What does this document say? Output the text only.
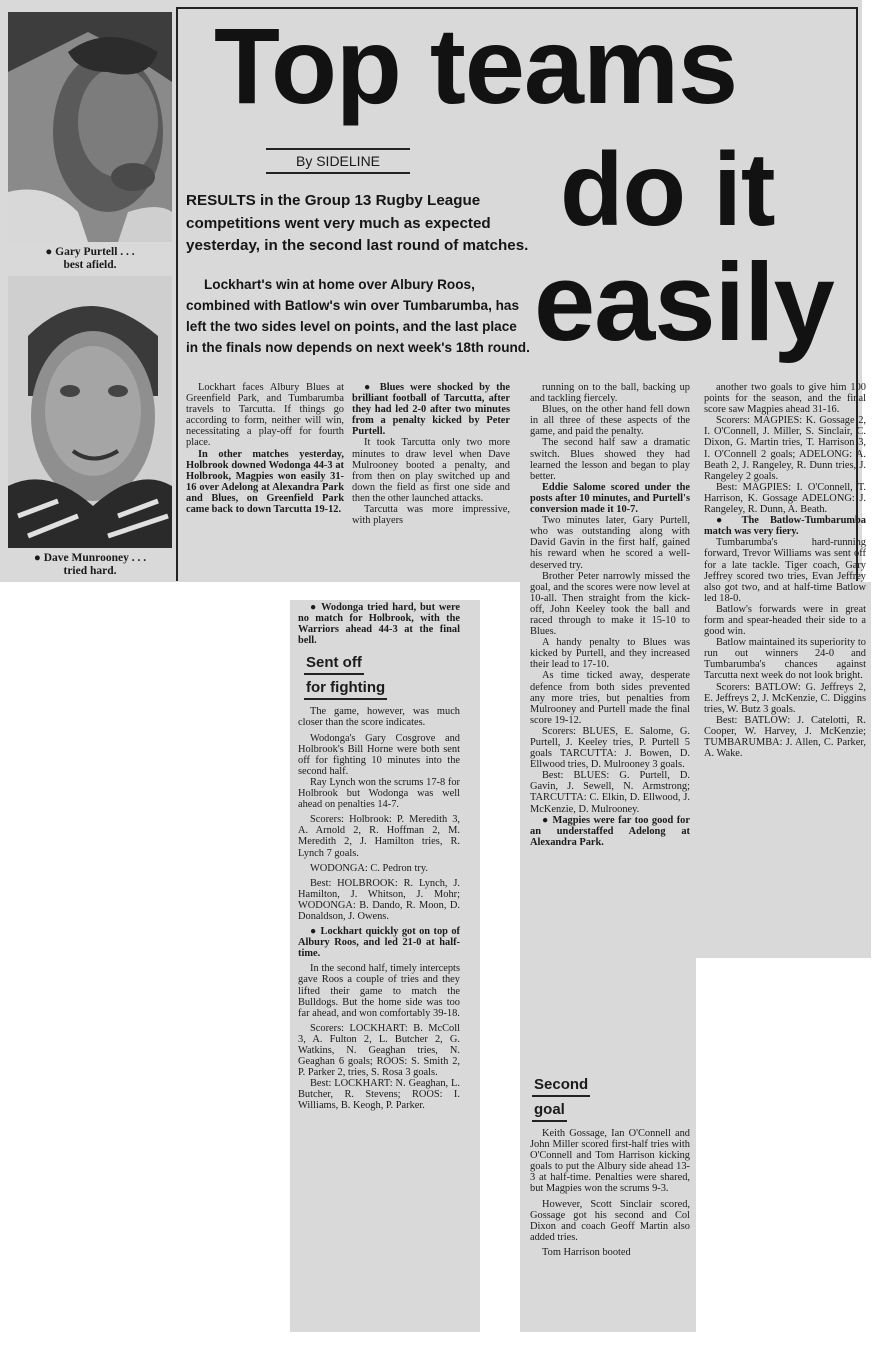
● Gary Purtell . . .
best afield.
● Dave Munrooney . . .
tried hard.
Top teams
do it
easily
By SIDELINE
RESULTS in the Group 13 Rugby League competitions went very much as expected yesterday, in the second last round of matches.
Lockhart's win at home over Albury Roos, combined with Batlow's win over Tumbarumba, has left the two sides level on points, and the last place in the finals now depends on next week's 18th round.

Lockhart faces Albury Blues at Greenfield Park, and Tumbarumba travels to Tarcutta. If things go according to form, neither will win, necessitating a play-off for fourth place.

In other matches yesterday, Holbrook downed Wodonga 44-3 at Holbrook, Magpies won easily 31-16 over Adelong at Alexandra Park and Blues, on Greenfield Park came back to down Tarcutta 19-12.

● Blues were shocked by the brilliant football of Tarcutta, after they had led 2-0 after two minutes from a penalty kicked by Peter Purtell.

It took Tarcutta only two more minutes to draw level when Dave Mulrooney booted a penalty, and from then on play switched up and down the field as first one side and then the other launched attacks.

Tarcutta was more impressive, with players

running on to the ball, backing up and tackling fiercely.

Blues, on the other hand fell down in all three of these aspects of the game, and paid the penalty.

The second half saw a dramatic switch. Blues showed they had learned the lesson and began to play better.

Eddie Salome scored under the posts after 10 minutes, and Purtell's conversion made it 10-7.

Two minutes later, Gary Purtell, who was outstanding along with David Gavin in the first half, gained his reward when he scored a well-deserved try.

Brother Peter narrowly missed the goal, and the scores were now level at 10-all. Then straight from the kick-off, John Keeley took the ball and raced through to make it 15-10 to Blues.

A handy penalty to Blues was kicked by Purtell, and they increased their lead to 17-10.

As time ticked away, desperate defence from both sides prevented any more tries, but penalties from Mulrooney and Purtell made the final score 19-12.

Scorers: BLUES, E. Salome, G. Purtell, J. Keeley tries, P. Purtell 5 goals TARCUTTA: J. Bowen, D. Ellwood tries, D. Mulrooney 3 goals.

Best: BLUES: G. Purtell, D. Gavin, J. Sewell, N. Armstrong; TARCUTTA: C. Elkin, D. Ellwood, J. McKenzie, D. Mulrooney.

● Magpies were far too good for an understaffed Adelong at Alexandra Park.

another two goals to give him 100 points for the season, and the final score saw Magpies ahead 31-16.

Scorers: MAGPIES: K. Gossage 2, I. O'Connell, J. Miller, S. Sinclair, C. Dixon, G. Martin tries, T. Harrison 3, I. O'Connell 2 goals; ADELONG: A. Beath 2, J. Rangeley, R. Dunn tries, J. Rangeley 2 goals.

Best: MAGPIES: I. O'Connell, T. Harrison, K. Gossage ADELONG: J. Rangeley, R. Dunn, A. Beath.

● The Batlow-Tumbarumba match was very fiery.

Tumbarumba's hard-running forward, Trevor Williams was sent off for a late tackle. Tiger coach, Gary Jeffrey scored two tries, Evan Jeffrey also got two, and at half-time Batlow led 18-0.

Batlow's forwards were in great form and spear-headed their side to a good win.

Batlow maintained its superiority to run out winners 24-0 and Tumbarumba's chances against Tarcutta next week do not look bright.

Scorers: BATLOW: G. Jeffreys 2, E. Jeffreys 2, J. McKenzie, C. Diggins tries, W. Butz 3 goals.

Best: BATLOW: J. Catelotti, R. Cooper, W. Harvey, J. McKenzie; TUMBARUMBA: J. Allen, C. Parker, A. Wake.

● Wodonga tried hard, but were no match for Holbrook, with the Warriors ahead 44-3 at the final bell.

Sent off
for fighting

The game, however, was much closer than the score indicates.

Wodonga's Gary Cosgrove and Holbrook's Bill Horne were both sent off for fighting 10 minutes into the second half.

Ray Lynch won the scrums 17-8 for Holbrook but Wodonga was well ahead on penalties 14-7.

Scorers: Holbrook: P. Meredith 3, A. Arnold 2, R. Hoffman 2, M. Meredith 2, J. Hamilton tries, R. Lynch 7 goals.

WODONGA: C. Pedron try.

Best: HOLBROOK: R. Lynch, J. Hamilton, J. Whitson, J. Mohr; WODONGA: B. Dando, R. Moon, D. Donaldson, J. Owens.

● Lockhart quickly got on top of Albury Roos, and led 21-0 at half-time.

In the second half, timely intercepts gave Roos a couple of tries and they lifted their game to match the Bulldogs. But the home side was too far ahead, and won comfortably 39-18.

Scorers: LOCKHART: B. McColl 3, A. Fulton 2, L. Butcher 2, G. Watkins, N. Geaghan tries, N. Geaghan 6 goals; ROOS: S. Smith 2, P. Parker 2, tries, S. Rosa 3 goals.

Best: LOCKHART: N. Geaghan, L. Butcher, R. Stevens; ROOS: I. Williams, B. Keogh, P. Parker.

Second
goal

Keith Gossage, Ian O'Connell and John Miller scored first-half tries with O'Connell and Tom Harrison kicking goals to put the Albury side ahead 13-3 at half-time. Penalties were shared, but Magpies won the scrums 9-3.

However, Scott Sinclair scored, Gossage got his second and Col Dixon and coach Geoff Martin also added tries.

Tom Harrison booted
